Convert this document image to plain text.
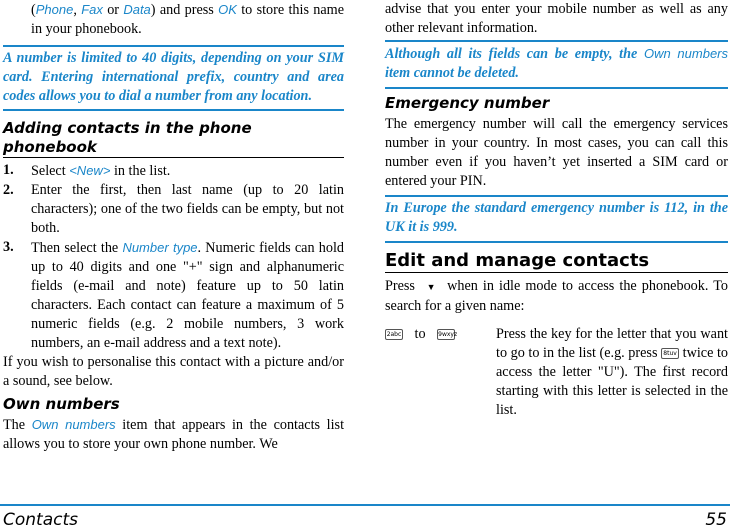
(Phone, Fax or Data) and press OK to store this name in your phonebook.
A number is limited to 40 digits, depending on your SIM card. Entering international prefix, country and area codes allows you to dial a number from any location.
Adding contacts in the phone phonebook
1.	Select <New> in the list.
2.	Enter the first, then last name (up to 20 latin characters); one of the two fields can be empty, but not both.
3.	Then select the Number type. Numeric fields can hold up to 40 digits and one "+" sign and alphanumeric fields (e-mail and note) feature up to 50 latin characters. Each contact can feature a maximum of 5 numeric fields (e.g. 2 mobile numbers, 3 work numbers, an e-mail address and a text note).
If you wish to personalise this contact with a picture and/or a sound, see below.
Own numbers
The Own numbers item that appears in the contacts list allows you to store your own phone number. We
advise that you enter your mobile number as well as any other relevant information.
Although all its fields can be empty, the Own numbers item cannot be deleted.
Emergency number
The emergency number will call the emergency services number in your country. In most cases, you can call this number even if you haven’t yet inserted a SIM card or entered your PIN.
In Europe the standard emergency number is 112, in the UK it is 999.
Edit and manage contacts
Press ▼ when in idle mode to access the phonebook. To search for a given name:
2abc to 9wxyz	Press the key for the letter that you want to go to in the list (e.g. press 8tuv twice to access the letter "U"). The first record starting with this letter is selected in the list.
Contacts	55
